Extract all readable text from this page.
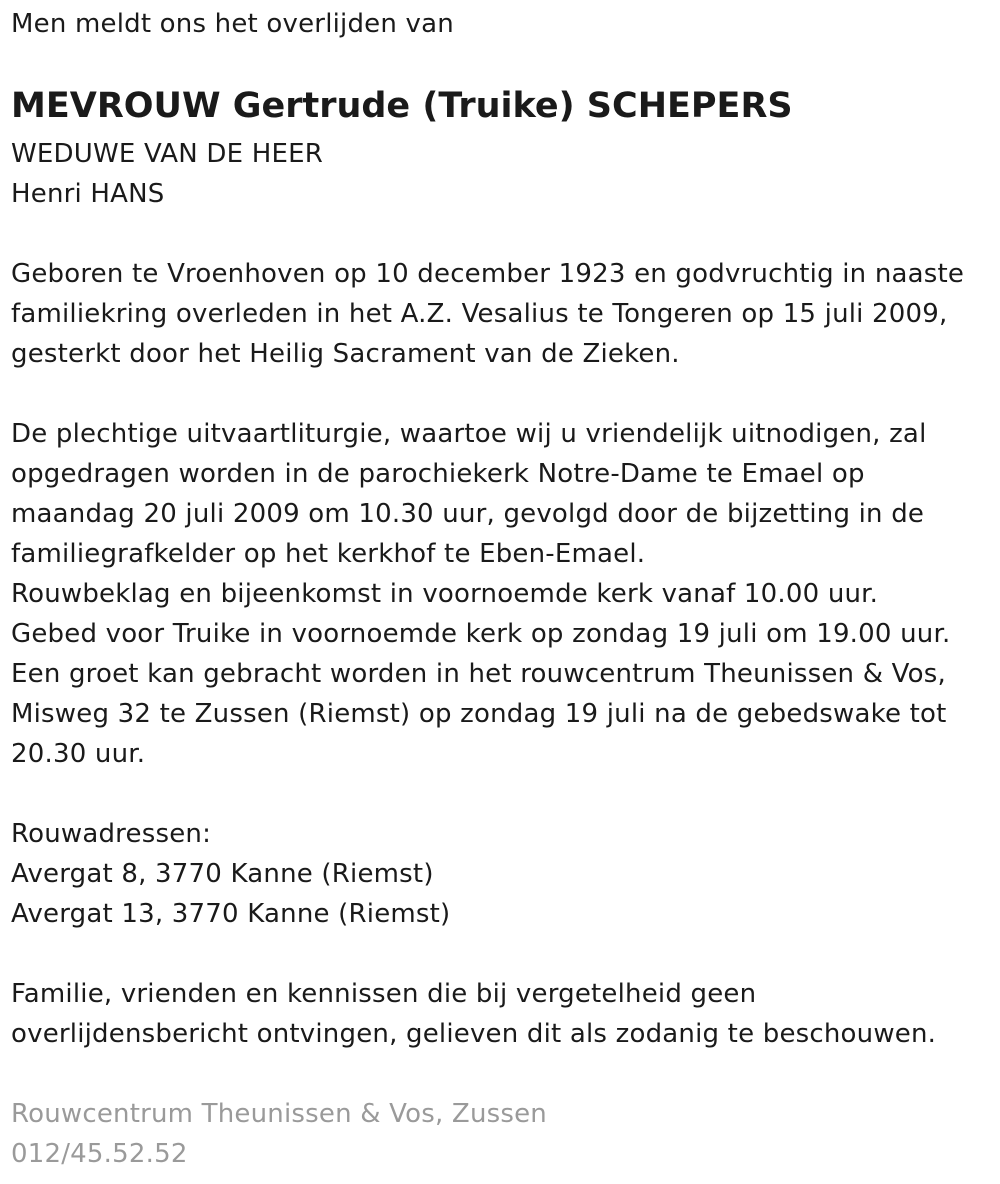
Men meldt ons het overlijden van
MEVROUW Gertrude (Truike) SCHEPERS
WEDUWE VAN DE HEER
Henri HANS
Geboren te Vroenhoven op 10 december 1923 en godvruchtig in naaste
familiekring overleden in het A.Z. Vesalius te Tongeren op 15 juli 2009,
gesterkt door het Heilig Sacrament van de Zieken.
De plechtige uitvaartliturgie, waartoe wij u vriendelijk uitnodigen, zal
opgedragen worden in de parochiekerk Notre-Dame te Emael op
maandag 20 juli 2009 om 10.30 uur, gevolgd door de bijzetting in de
familiegrafkelder op het kerkhof te Eben-Emael.
Rouwbeklag en bijeenkomst in voornoemde kerk vanaf 10.00 uur.
Gebed voor Truike in voornoemde kerk op zondag 19 juli om 19.00 uur.
Een groet kan gebracht worden in het rouwcentrum Theunissen & Vos,
Misweg 32 te Zussen (Riemst) op zondag 19 juli na de gebedswake tot
20.30 uur.
Rouwadressen:
Avergat 8, 3770 Kanne (Riemst)
Avergat 13, 3770 Kanne (Riemst)
Familie, vrienden en kennissen die bij vergetelheid geen
overlijdensbericht ontvingen, gelieven dit als zodanig te beschouwen.
Rouwcentrum Theunissen & Vos, Zussen
012/45.52.52
